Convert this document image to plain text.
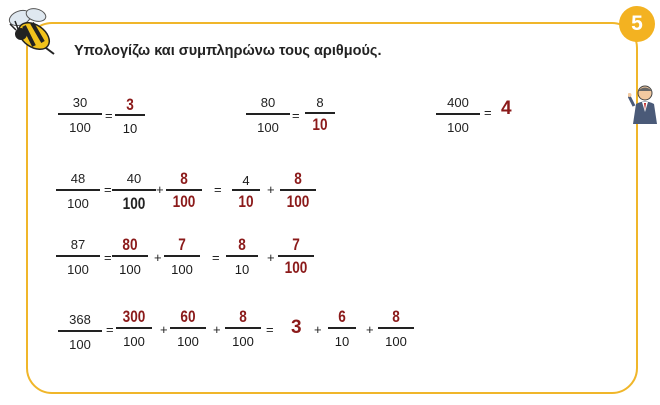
5
Υπολογίζω και συμπληρώνω τους αριθμούς.
30
100
=
3
10
80
100
=
8
10
400
100
= 4
48
100
=
40
100
+
8
100
=
4
10
+
8
100
87
100
=
80
100
+
7
100
=
8
10
+
7
100
368
100
=
300
100
+
60
100
+
8
100
= 3 +
6
10
+
8
100
